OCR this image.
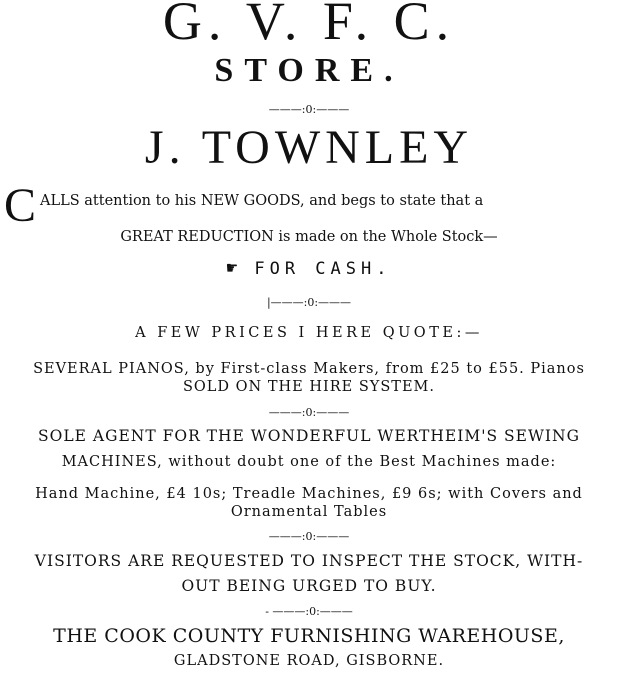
G. V. F. C.
STORE.
———:0:———
J. TOWNLEY
C ALLS attention to his NEW GOODS, and begs to state that a
GREAT REDUCTION is made on the Whole Stock—
☛ FOR CASH.
|———:0:———
A FEW PRICES I HERE QUOTE:—
SEVERAL PIANOS, by First-class Makers, from £25 to £55. Pianos
SOLD ON THE HIRE SYSTEM.
———:0:———
SOLE AGENT FOR THE WONDERFUL WERTHEIM'S SEWING
MACHINES, without doubt one of the Best Machines made:
Hand Machine, £4 10s; Treadle Machines, £9 6s; with Covers and
Ornamental Tables
———:0:———
VISITORS ARE REQUESTED TO INSPECT THE STOCK, WITH-
OUT BEING URGED TO BUY.
- ———:0:———
THE COOK COUNTY FURNISHING WAREHOUSE,
GLADSTONE ROAD, GISBORNE.
